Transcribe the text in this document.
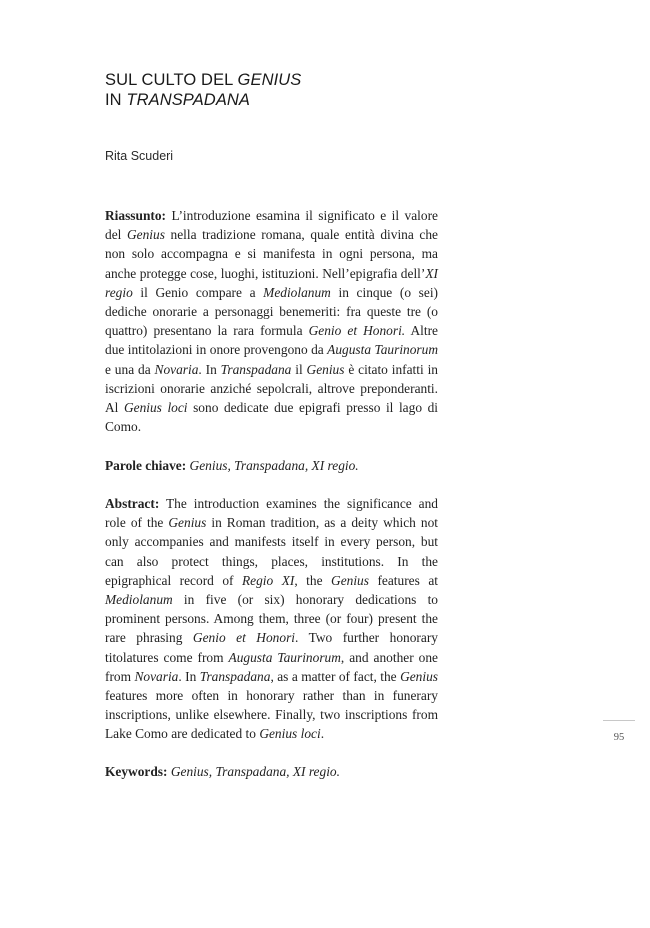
SUL CULTO DEL GENIUS
IN TRANSPADANA
Rita Scuderi

Riassunto: L’introduzione esamina il significato e il valore del Genius nella tradizione romana, quale entità divina che non solo accompagna e si manifesta in ogni persona, ma anche protegge cose, luoghi, istituzioni. Nell’epigrafia dell’XI regio il Genio compare a Mediolanum in cinque (o sei) dediche onorarie a personaggi benemeriti: fra queste tre (o quattro) presentano la rara formula Genio et Honori. Altre due intitolazioni in onore provengono da Augusta Taurinorum e una da Novaria. In Transpadana il Genius è citato infatti in iscrizioni onorarie anziché sepolcrali, altrove preponderanti. Al Genius loci sono dedicate due epigrafi presso il lago di Como.

Parole chiave: Genius, Transpadana, XI regio.

Abstract: The introduction examines the significance and role of the Genius in Roman tradition, as a deity which not only accompanies and manifests itself in every person, but can also protect things, places, institutions. In the epigraphical record of Regio XI, the Genius features at Mediolanum in five (or six) honorary dedications to prominent persons. Among them, three (or four) present the rare phrasing Genio et Honori. Two further honorary titolatures come from Augusta Taurinorum, and another one from Novaria. In Transpadana, as a matter of fact, the Genius features more often in honorary rather than in funerary inscriptions, unlike elsewhere. Finally, two inscriptions from Lake Como are dedicated to Genius loci.

Keywords: Genius, Transpadana, XI regio.

95
